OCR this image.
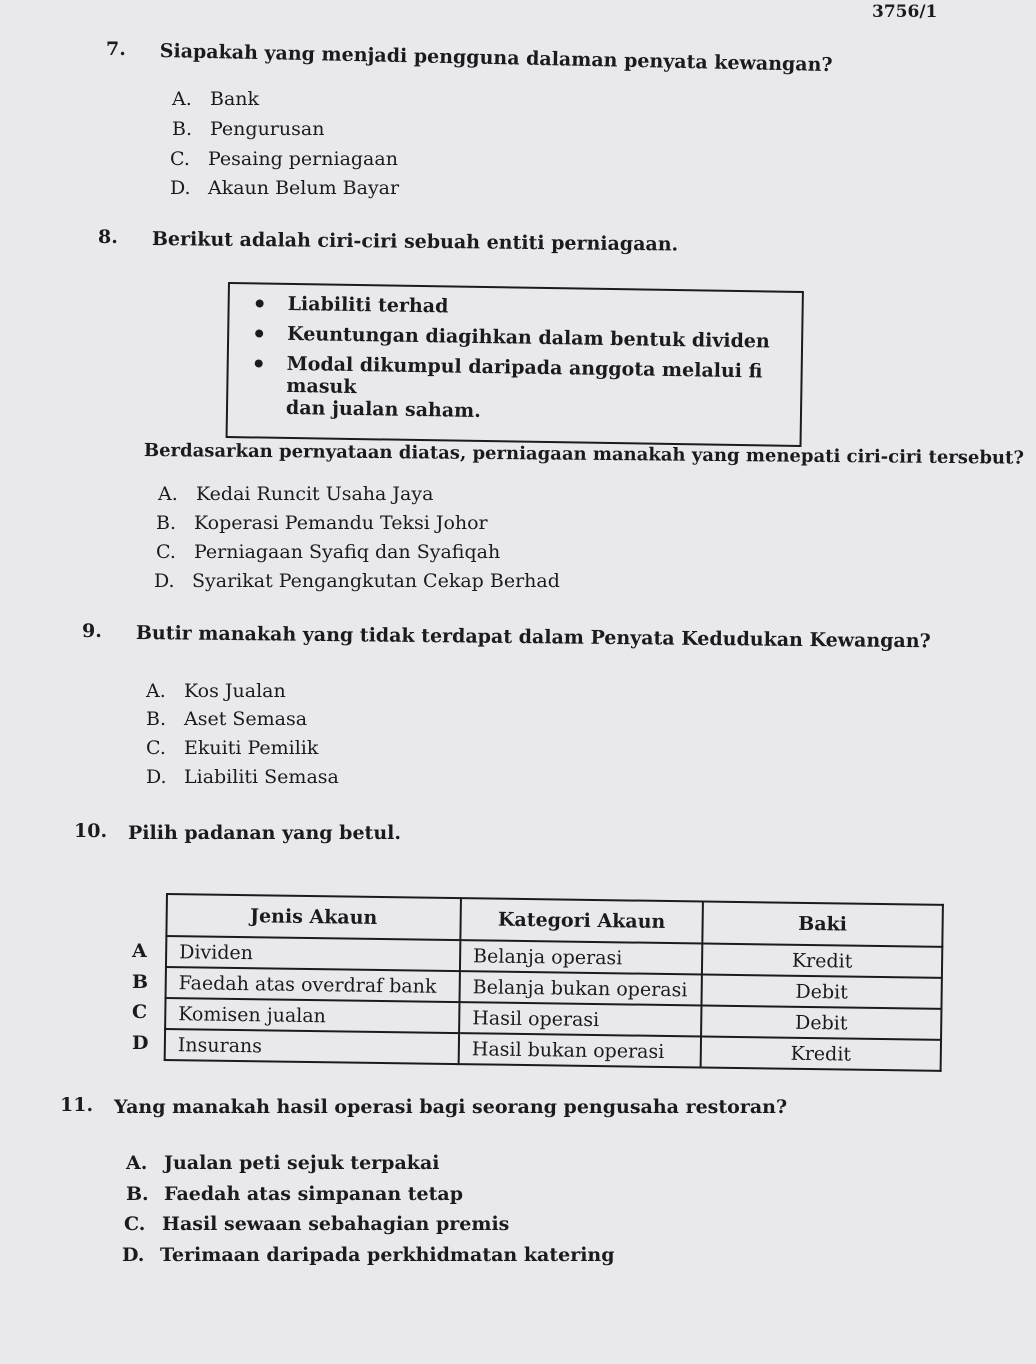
3756/1
7. Siapakah yang menjadi pengguna dalaman penyata kewangan?
A. Bank
B. Pengurusan
C. Pesaing perniagaan
D. Akaun Belum Bayar
8. Berikut adalah ciri-ciri sebuah entiti perniagaan.
Liabiliti terhad
Keuntungan diagihkan dalam bentuk dividen
Modal dikumpul daripada anggota melalui fi masuk
dan jualan saham.
Berdasarkan pernyataan diatas, perniagaan manakah yang menepati ciri-ciri tersebut?
A. Kedai Runcit Usaha Jaya
B. Koperasi Pemandu Teksi Johor
C. Perniagaan Syafiq dan Syafiqah
D. Syarikat Pengangkutan Cekap Berhad
9. Butir manakah yang tidak terdapat dalam Penyata Kedudukan Kewangan?
A. Kos Jualan
B. Aset Semasa
C. Ekuiti Pemilik
D. Liabiliti Semasa
10. Pilih padanan yang betul.
A
B
C
D
Jenis Akaun	Kategori Akaun	Baki
Dividen	Belanja operasi	Kredit
Faedah atas overdraf bank	Belanja bukan operasi	Debit
Komisen jualan	Hasil operasi	Debit
Insurans	Hasil bukan operasi	Kredit
11. Yang manakah hasil operasi bagi seorang pengusaha restoran?
A. Jualan peti sejuk terpakai
B. Faedah atas simpanan tetap
C. Hasil sewaan sebahagian premis
D. Terimaan daripada perkhidmatan katering
